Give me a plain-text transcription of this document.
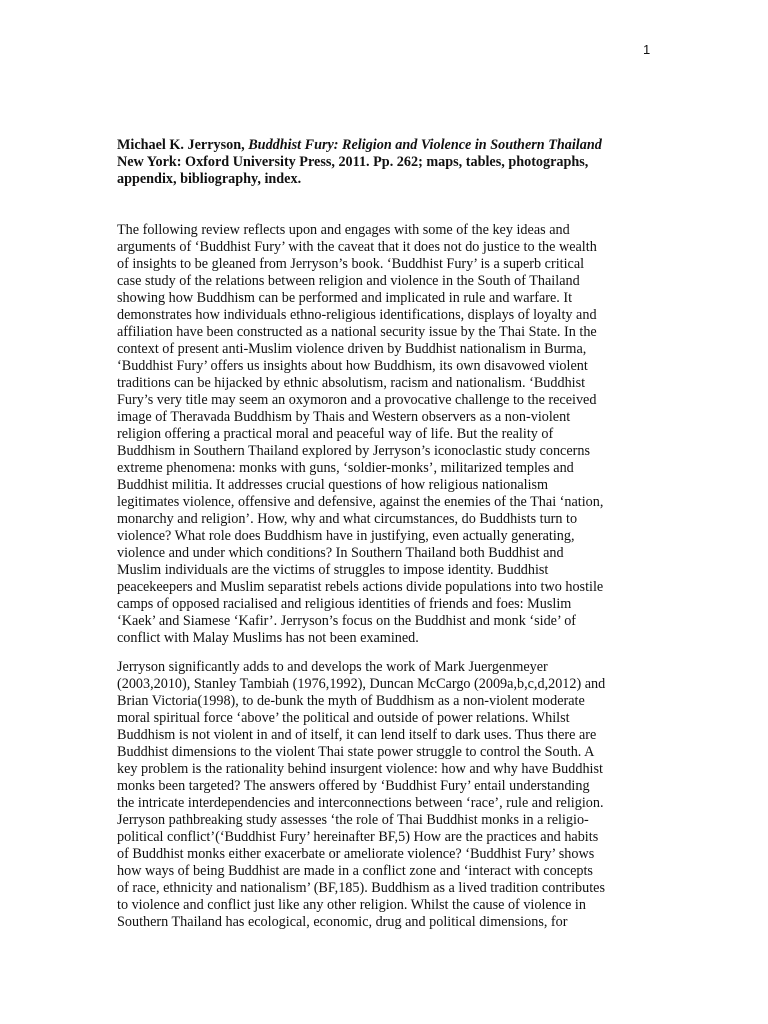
1
Michael K. Jerryson, Buddhist Fury: Religion and Violence in Southern Thailand
New York: Oxford University Press, 2011. Pp. 262; maps, tables, photographs,
appendix, bibliography, index.
The following review reflects upon and engages with some of the key ideas and
arguments of ‘Buddhist Fury’ with the caveat that it does not do justice to the wealth
of insights to be gleaned from Jerryson’s book. ‘Buddhist Fury’ is a superb critical
case study of the relations between religion and violence in the South of Thailand
showing how Buddhism can be performed and implicated in rule and warfare. It
demonstrates how individuals ethno-religious identifications, displays of loyalty and
affiliation have been constructed as a national security issue by the Thai State. In the
context of present anti-Muslim violence driven by Buddhist nationalism in Burma,
‘Buddhist Fury’ offers us insights about how Buddhism, its own disavowed violent
traditions can be hijacked by ethnic absolutism, racism and nationalism. ‘Buddhist
Fury’s very title may seem an oxymoron and a provocative challenge to the received
image of Theravada Buddhism by Thais and Western observers as a non-violent
religion offering a practical moral and peaceful way of life. But the reality of
Buddhism in Southern Thailand explored by Jerryson’s iconoclastic study concerns
extreme phenomena: monks with guns, ‘soldier-monks’, militarized temples and
Buddhist militia. It addresses crucial questions of how religious nationalism
legitimates violence, offensive and defensive, against the enemies of the Thai ‘nation,
monarchy and religion’. How, why and what circumstances, do Buddhists turn to
violence? What role does Buddhism have in justifying, even actually generating,
violence and under which conditions? In Southern Thailand both Buddhist and
Muslim individuals are the victims of struggles to impose identity. Buddhist
peacekeepers and Muslim separatist rebels actions divide populations into two hostile
camps of opposed racialised and religious identities of friends and foes: Muslim
‘Kaek’ and Siamese ‘Kafir’. Jerryson’s focus on the Buddhist and monk ‘side’ of
conflict with Malay Muslims has not been examined.
Jerryson significantly adds to and develops the work of Mark Juergenmeyer
(2003,2010), Stanley Tambiah (1976,1992), Duncan McCargo (2009a,b,c,d,2012) and
Brian Victoria(1998), to de-bunk the myth of Buddhism as a non-violent moderate
moral spiritual force ‘above’ the political and outside of power relations. Whilst
Buddhism is not violent in and of itself, it can lend itself to dark uses. Thus there are
Buddhist dimensions to the violent Thai state power struggle to control the South. A
key problem is the rationality behind insurgent violence: how and why have Buddhist
monks been targeted? The answers offered by ‘Buddhist Fury’ entail understanding
the intricate interdependencies and interconnections between ‘race’, rule and religion.
Jerryson pathbreaking study assesses ‘the role of Thai Buddhist monks in a religio-
political conflict’(‘Buddhist Fury’ hereinafter BF,5) How are the practices and habits
of Buddhist monks either exacerbate or ameliorate violence? ‘Buddhist Fury’ shows
how ways of being Buddhist are made in a conflict zone and ‘interact with concepts
of race, ethnicity and nationalism’ (BF,185). Buddhism as a lived tradition contributes
to violence and conflict just like any other religion. Whilst the cause of violence in
Southern Thailand has ecological, economic, drug and political dimensions, for
